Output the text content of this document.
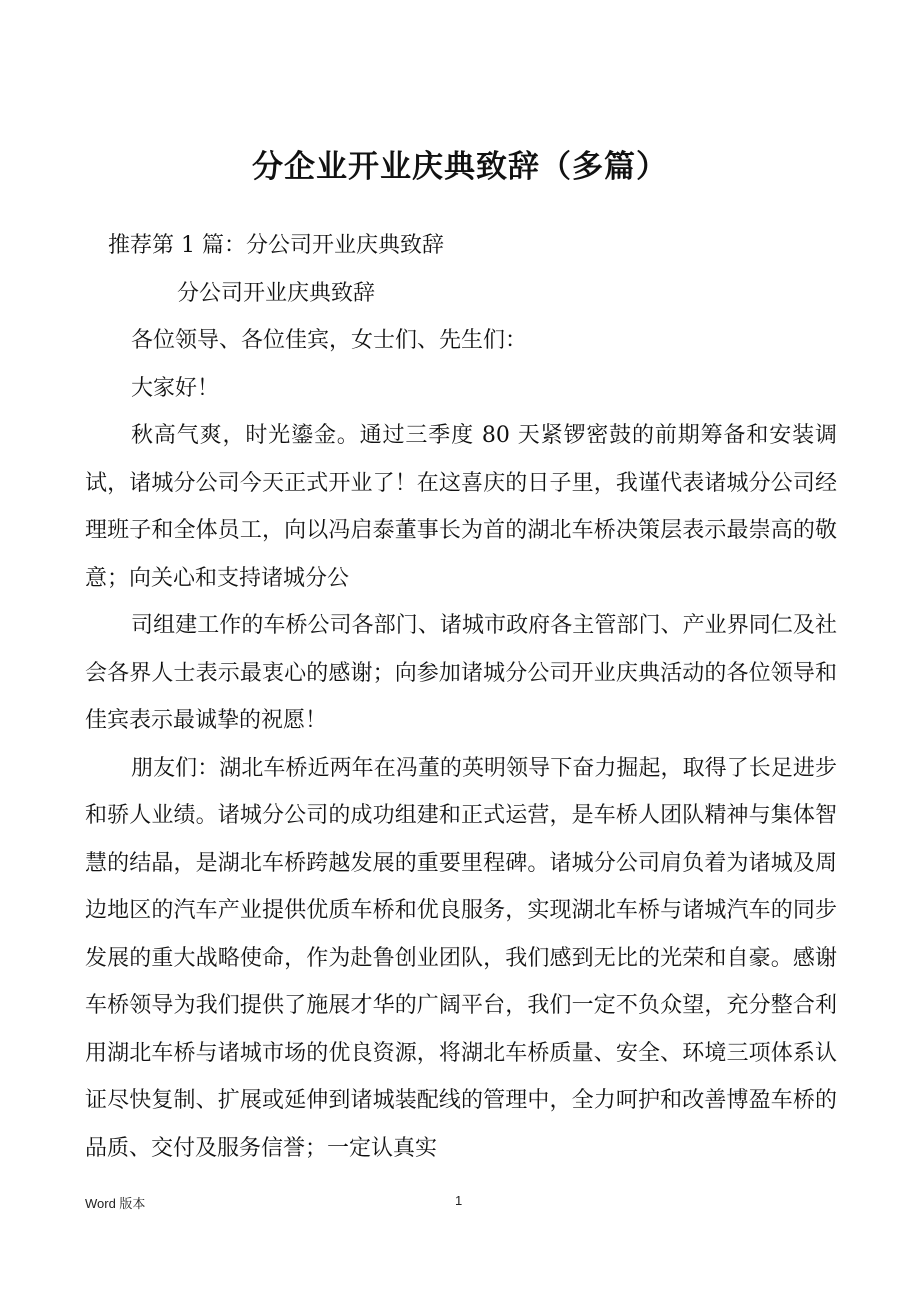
分企业开业庆典致辞（多篇）

推荐第 1 篇：分公司开业庆典致辞

分公司开业庆典致辞

各位领导、各位佳宾，女士们、先生们：

大家好！

秋高气爽，时光鎏金。通过三季度 80 天紧锣密鼓的前期筹备和安装调试，诸城分公司今天正式开业了！在这喜庆的日子里，我谨代表诸城分公司经理班子和全体员工，向以冯启泰董事长为首的湖北车桥决策层表示最崇高的敬意；向关心和支持诸城分公

司组建工作的车桥公司各部门、诸城市政府各主管部门、产业界同仁及社会各界人士表示最衷心的感谢；向参加诸城分公司开业庆典活动的各位领导和佳宾表示最诚挚的祝愿！

朋友们：湖北车桥近两年在冯董的英明领导下奋力掘起，取得了长足进步和骄人业绩。诸城分公司的成功组建和正式运营，是车桥人团队精神与集体智慧的结晶，是湖北车桥跨越发展的重要里程碑。诸城分公司肩负着为诸城及周边地区的汽车产业提供优质车桥和优良服务，实现湖北车桥与诸城汽车的同步发展的重大战略使命，作为赴鲁创业团队，我们感到无比的光荣和自豪。感谢车桥领导为我们提供了施展才华的广阔平台，我们一定不负众望，充分整合利用湖北车桥与诸城市场的优良资源，将湖北车桥质量、安全、环境三项体系认证尽快复制、扩展或延伸到诸城装配线的管理中，全力呵护和改善博盈车桥的品质、交付及服务信誉；一定认真实

Word 版本	1
